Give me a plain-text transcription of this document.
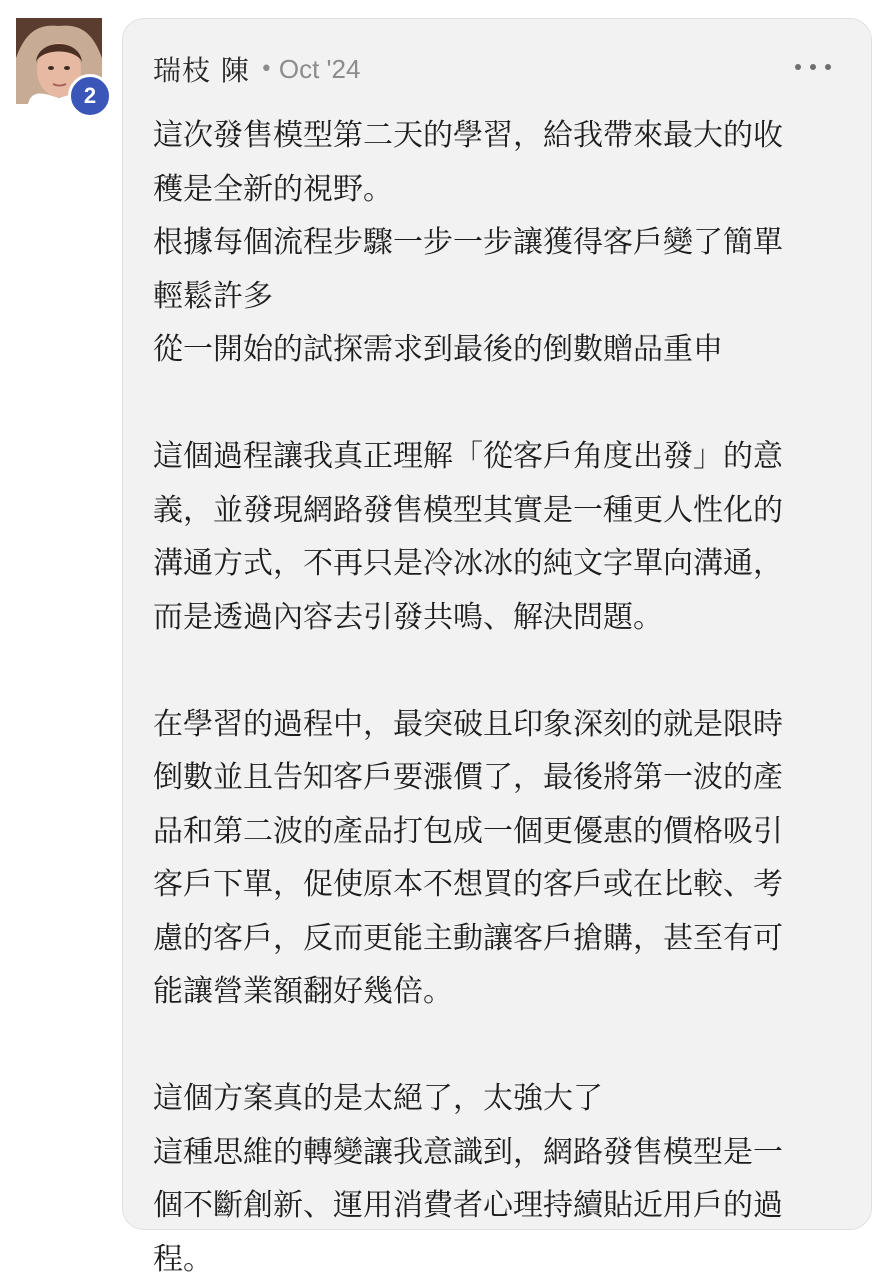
2
瑞枝 陳 • Oct '24

這次發售模型第二天的學習，給我帶來最大的收
穫是全新的視野。
根據每個流程步驟一步一步讓獲得客戶變了簡單
輕鬆許多
從一開始的試探需求到最後的倒數贈品重申

這個過程讓我真正理解「從客戶角度出發」的意
義，並發現網路發售模型其實是一種更人性化的
溝通方式，不再只是冷冰冰的純文字單向溝通，
而是透過內容去引發共鳴、解決問題。

在學習的過程中，最突破且印象深刻的就是限時
倒數並且告知客戶要漲價了，最後將第一波的產
品和第二波的產品打包成一個更優惠的價格吸引
客戶下單，促使原本不想買的客戶或在比較、考
慮的客戶，反而更能主動讓客戶搶購，甚至有可
能讓營業額翻好幾倍。

這個方案真的是太絕了，太強大了
這種思維的轉變讓我意識到，網路發售模型是一
個不斷創新、運用消費者心理持續貼近用戶的過
程。
